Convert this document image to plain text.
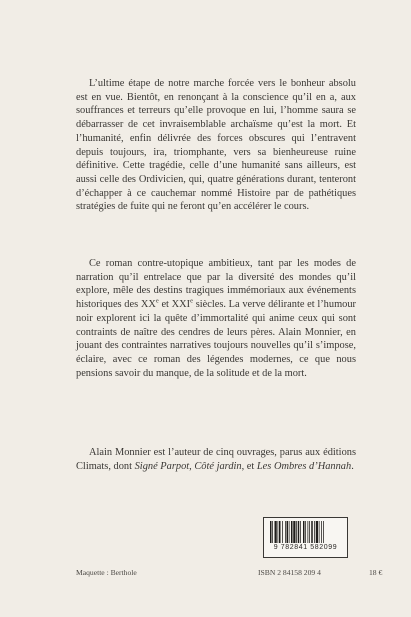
L’ultime étape de notre marche forcée vers le bonheur absolu est en vue. Bientôt, en renonçant à la conscience qu’il en a, aux souffrances et terreurs qu’elle provoque en lui, l’homme saura se débarrasser de cet invraisemblable archaïsme qu’est la mort. Et l’humanité, enfin délivrée des forces obscures qui l’entravent depuis toujours, ira, triomphante, vers sa bienheureuse ruine définitive. Cette tragédie, celle d’une humanité sans ailleurs, est aussi celle des Ordivicien, qui, quatre générations durant, tenteront d’échapper à ce cauchemar nommé Histoire par de pathétiques stratégies de fuite qui ne feront qu’en accélérer le cours.

Ce roman contre-utopique ambitieux, tant par les modes de narration qu’il entrelace que par la diversité des mondes qu’il explore, mêle des destins tragiques immémoriaux aux événements historiques des XXe et XXIe siècles. La verve délirante et l’humour noir explorent ici la quête d’immortalité qui anime ceux qui sont contraints de naître des cendres de leurs pères. Alain Monnier, en jouant des contraintes narratives toujours nouvelles qu’il s’impose, éclaire, avec ce roman des légendes modernes, ce que nous pensions savoir du manque, de la solitude et de la mort.

Alain Monnier est l’auteur de cinq ouvrages, parus aux éditions Climats, dont Signé Parpot, Côté jardin, et Les Ombres d’Hannah.

9 782841 582099
Maquette : Berthole	ISBN 2 84158 209 4	18 €
